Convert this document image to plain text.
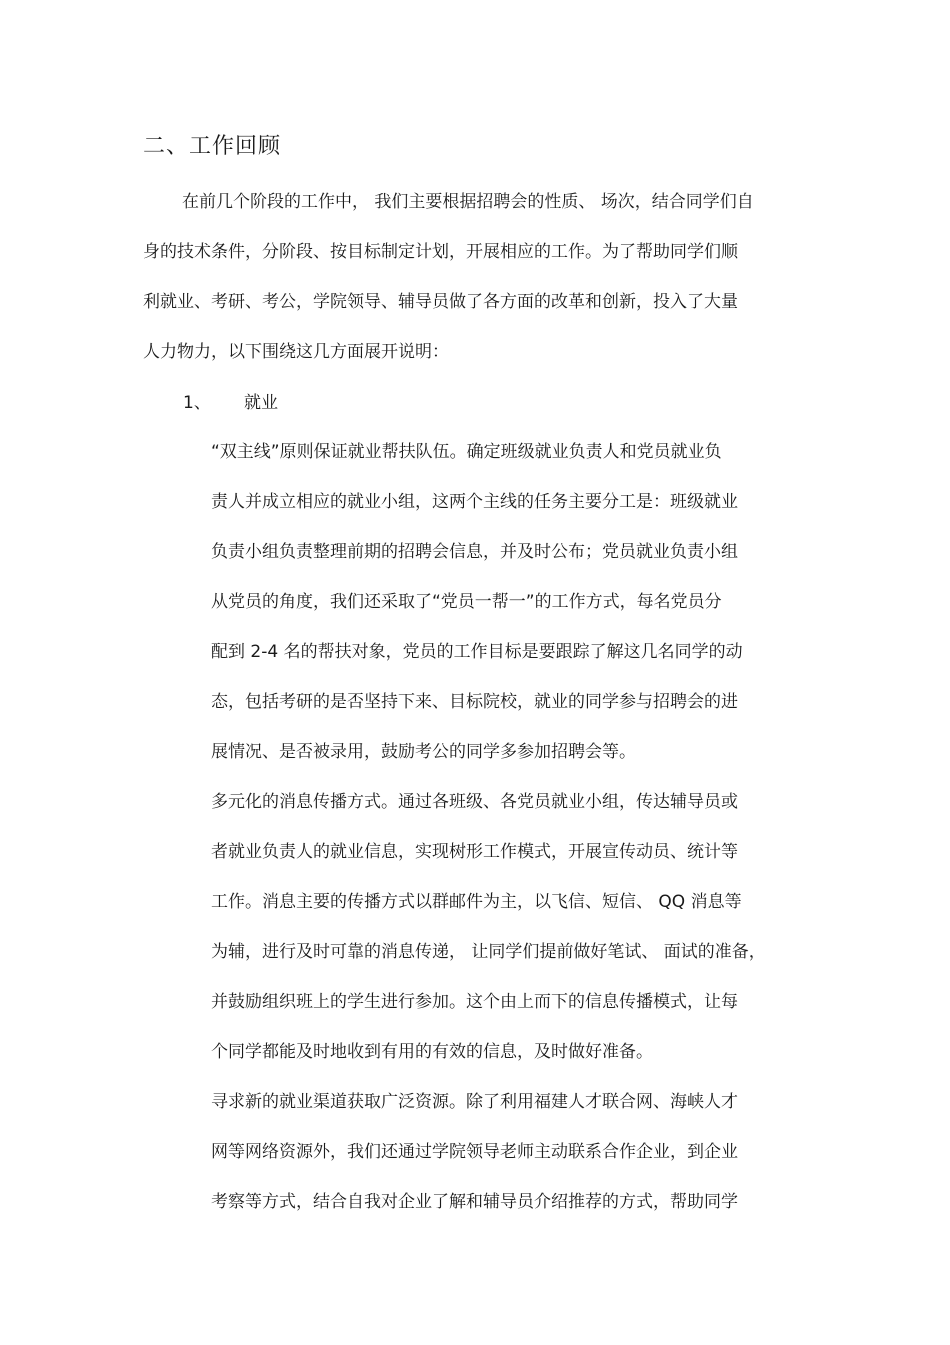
二、工作回顾
在前几个阶段的工作中， 我们主要根据招聘会的性质、 场次，结合同学们自
身的技术条件，分阶段、按目标制定计划，开展相应的工作。为了帮助同学们顺
利就业、考研、考公，学院领导、辅导员做了各方面的改革和创新，投入了大量
人力物力，以下围绕这几方面展开说明：
1、 就业
“双主线”原则保证就业帮扶队伍。确定班级就业负责人和党员就业负
责人并成立相应的就业小组，这两个主线的任务主要分工是：班级就业
负责小组负责整理前期的招聘会信息，并及时公布；党员就业负责小组
从党员的角度，我们还采取了“党员一帮一”的工作方式，每名党员分
配到 2-4 名的帮扶对象，党员的工作目标是要跟踪了解这几名同学的动
态，包括考研的是否坚持下来、目标院校，就业的同学参与招聘会的进
展情况、是否被录用，鼓励考公的同学多参加招聘会等。
多元化的消息传播方式。通过各班级、各党员就业小组，传达辅导员或
者就业负责人的就业信息，实现树形工作模式，开展宣传动员、统计等
工作。消息主要的传播方式以群邮件为主，以飞信、短信、 QQ 消息等
为辅，进行及时可靠的消息传递， 让同学们提前做好笔试、 面试的准备，
并鼓励组织班上的学生进行参加。这个由上而下的信息传播模式，让每
个同学都能及时地收到有用的有效的信息，及时做好准备。
寻求新的就业渠道获取广泛资源。除了利用福建人才联合网、海峡人才
网等网络资源外，我们还通过学院领导老师主动联系合作企业，到企业
考察等方式，结合自我对企业了解和辅导员介绍推荐的方式，帮助同学
